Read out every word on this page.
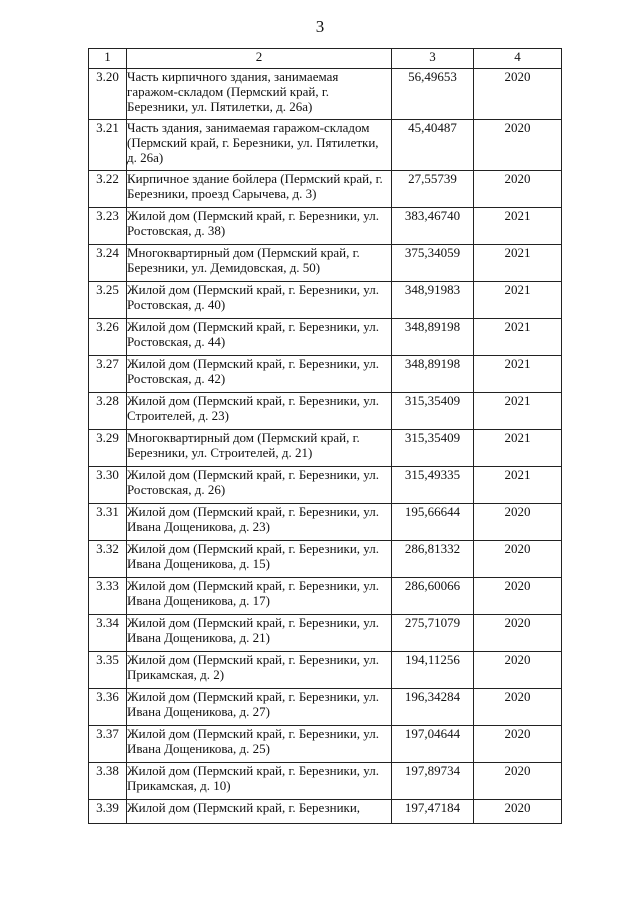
3
1	2	3	4
3.20	Часть кирпичного здания, занимаемая гаражом-складом (Пермский край, г. Березники, ул. Пятилетки, д. 26а)	56,49653	2020
3.21	Часть здания, занимаемая гаражом-складом (Пермский край, г. Березники, ул. Пятилетки, д. 26а)	45,40487	2020
3.22	Кирпичное здание бойлера (Пермский край, г. Березники, проезд Сарычева, д. 3)	27,55739	2020
3.23	Жилой дом (Пермский край, г. Березники, ул. Ростовская, д. 38)	383,46740	2021
3.24	Многоквартирный дом (Пермский край, г. Березники, ул. Демидовская, д. 50)	375,34059	2021
3.25	Жилой дом (Пермский край, г. Березники, ул. Ростовская, д. 40)	348,91983	2021
3.26	Жилой дом (Пермский край, г. Березники, ул. Ростовская, д. 44)	348,89198	2021
3.27	Жилой дом (Пермский край, г. Березники, ул. Ростовская, д. 42)	348,89198	2021
3.28	Жилой дом (Пермский край, г. Березники, ул. Строителей, д. 23)	315,35409	2021
3.29	Многоквартирный дом (Пермский край, г. Березники, ул. Строителей, д. 21)	315,35409	2021
3.30	Жилой дом (Пермский край, г. Березники, ул. Ростовская, д. 26)	315,49335	2021
3.31	Жилой дом (Пермский край, г. Березники, ул. Ивана Дощеникова, д. 23)	195,66644	2020
3.32	Жилой дом (Пермский край, г. Березники, ул. Ивана Дощеникова, д. 15)	286,81332	2020
3.33	Жилой дом (Пермский край, г. Березники, ул. Ивана Дощеникова, д. 17)	286,60066	2020
3.34	Жилой дом (Пермский край, г. Березники, ул. Ивана Дощеникова, д. 21)	275,71079	2020
3.35	Жилой дом (Пермский край, г. Березники, ул. Прикамская, д. 2)	194,11256	2020
3.36	Жилой дом (Пермский край, г. Березники, ул. Ивана Дощеникова, д. 27)	196,34284	2020
3.37	Жилой дом (Пермский край, г. Березники, ул. Ивана Дощеникова, д. 25)	197,04644	2020
3.38	Жилой дом (Пермский край, г. Березники, ул. Прикамская, д. 10)	197,89734	2020
3.39	Жилой дом (Пермский край, г. Березники,	197,47184	2020
